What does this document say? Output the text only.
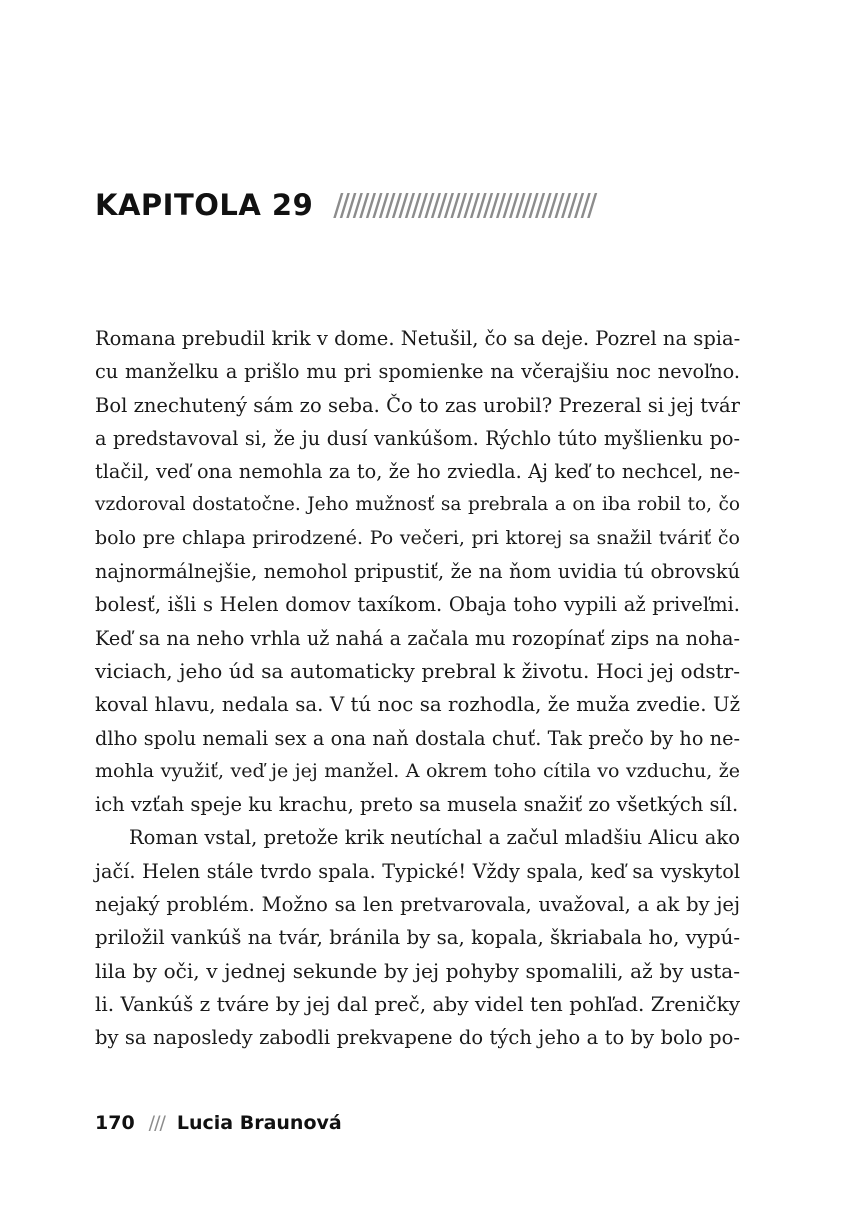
KAPITOLA 29 ////////////////////////////////////////
Romana prebudil krik v dome. Netušil, čo sa deje. Pozrel na spia-
cu manželku a prišlo mu pri spomienke na včerajšiu noc nevoľno.
Bol znechutený sám zo seba. Čo to zas urobil? Prezeral si jej tvár
a predstavoval si, že ju dusí vankúšom. Rýchlo túto myšlienku po-
tlačil, veď ona nemohla za to, že ho zviedla. Aj keď to nechcel, ne-
vzdoroval dostatočne. Jeho mužnosť sa prebrala a on iba robil to, čo
bolo pre chlapa prirodzené. Po večeri, pri ktorej sa snažil tváriť čo
najnormálnejšie, nemohol pripustiť, že na ňom uvidia tú obrovskú
bolesť, išli s Helen domov taxíkom. Obaja toho vypili až priveľmi.
Keď sa na neho vrhla už nahá a začala mu rozopínať zips na noha-
viciach, jeho úd sa automaticky prebral k životu. Hoci jej odstr-
koval hlavu, nedala sa. V tú noc sa rozhodla, že muža zvedie. Už
dlho spolu nemali sex a ona naň dostala chuť. Tak prečo by ho ne-
mohla využiť, veď je jej manžel. A okrem toho cítila vo vzduchu, že
ich vzťah speje ku krachu, preto sa musela snažiť zo všetkých síl.
Roman vstal, pretože krik neutíchal a začul mladšiu Alicu ako
jačí. Helen stále tvrdo spala. Typické! Vždy spala, keď sa vyskytol
nejaký problém. Možno sa len pretvarovala, uvažoval, a ak by jej
priložil vankúš na tvár, bránila by sa, kopala, škriabala ho, vypú-
lila by oči, v jednej sekunde by jej pohyby spomalili, až by usta-
li. Vankúš z tváre by jej dal preč, aby videl ten pohľad. Zreničky
by sa naposledy zabodli prekvapene do tých jeho a to by bolo po-
170 /// Lucia Braunová
